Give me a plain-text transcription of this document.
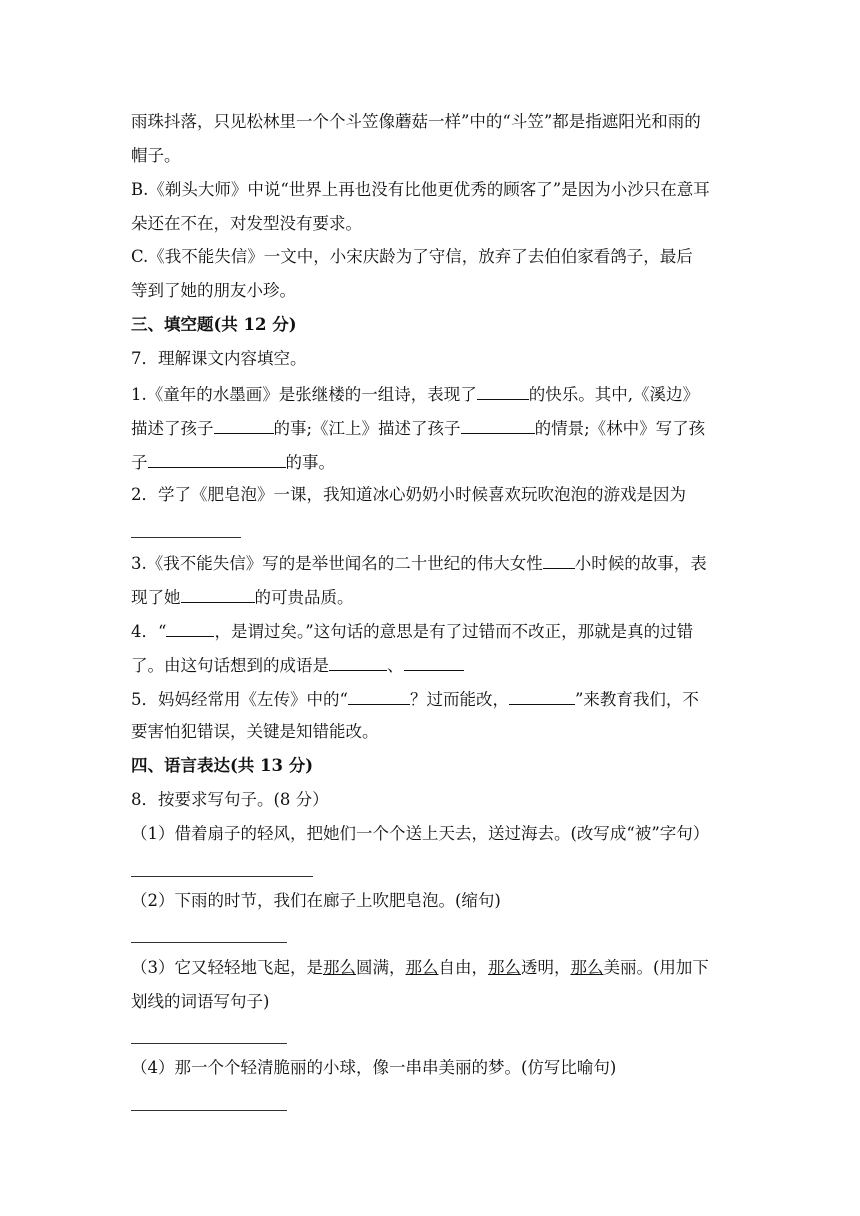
雨珠抖落，只见松林里一个个斗笠像蘑菇一样”中的“斗笠”都是指遮阳光和雨的
帽子。
B.《剃头大师》中说“世界上再也没有比他更优秀的顾客了”是因为小沙只在意耳
朵还在不在，对发型没有要求。
C.《我不能失信》一文中，小宋庆龄为了守信，放弃了去伯伯家看鸽子，最后
等到了她的朋友小珍。
三、填空题(共 12 分)
7．理解课文内容填空。
1.《童年的水墨画》是张继楼的一组诗，表现了	的快乐。其中,《溪边》
描述了孩子	的事;《江上》描述了孩子	的情景;《林中》写了孩
子	的事。
2．学了《肥皂泡》一课，我知道冰心奶奶小时候喜欢玩吹泡泡的游戏是因为
3.《我不能失信》写的是举世闻名的二十世纪的伟大女性 小时候的故事，表
现了她	的可贵品质。
4．“	，是谓过矣。”这句话的意思是有了过错而不改正，那就是真的过错
了。由这句话想到的成语是	、
5．妈妈经常用《左传》中的“	？过而能改，	”来教育我们，不
要害怕犯错误，关键是知错能改。
四、语言表达(共 13 分)
8．按要求写句子。(8 分）
（1）借着扇子的轻风，把她们一个个送上天去，送过海去。(改写成“被”字句）
（2）下雨的时节，我们在廊子上吹肥皂泡。(缩句)
（3）它又轻轻地飞起，是那么圆满，那么自由，那么透明，那么美丽。(用加下
划线的词语写句子)
（4）那一个个轻清脆丽的小球，像一串串美丽的梦。(仿写比喻句)
